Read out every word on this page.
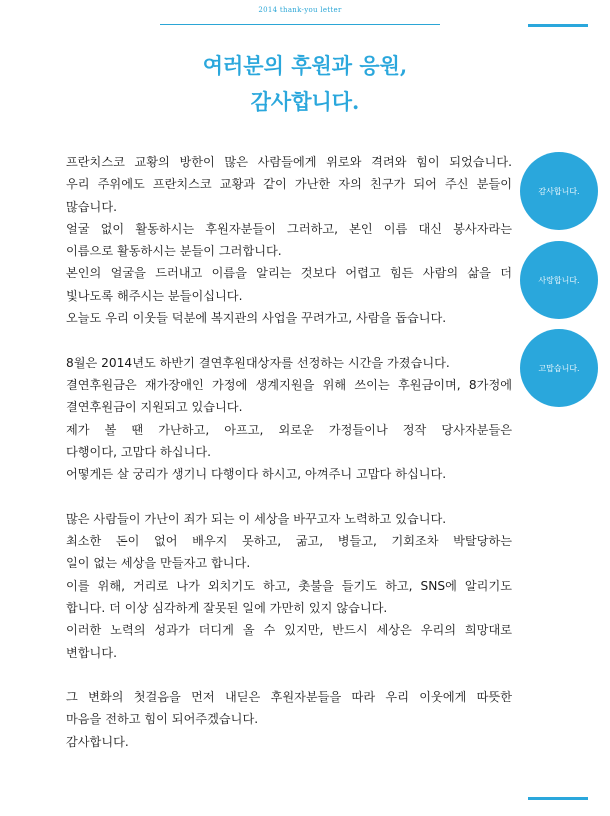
2014 thank-you letter
여러분의 후원과 응원,
감사합니다.
프란치스코 교황의 방한이 많은 사람들에게 위로와 격려와 힘이 되었습니다.
우리 주위에도 프란치스코 교황과 같이 가난한 자의 친구가 되어 주신 분들이
많습니다.
얼굴 없이 활동하시는 후원자분들이 그러하고, 본인 이름 대신 봉사자라는
이름으로 활동하시는 분들이 그러합니다.
본인의 얼굴을 드러내고 이름을 알리는 것보다 어렵고 힘든 사람의 삶을 더
빛나도록 해주시는 분들이십니다.
오늘도 우리 이웃들 덕분에 복지관의 사업을 꾸려가고, 사람을 돕습니다.
8월은 2014년도 하반기 결연후원대상자를 선정하는 시간을 가졌습니다.
결연후원금은 재가장애인 가정에 생계지원을 위해 쓰이는 후원금이며, 8가정에
결연후원금이 지원되고 있습니다.
제가 볼 땐 가난하고, 아프고, 외로운 가정들이나 정작 당사자분들은
다행이다, 고맙다 하십니다.
어떻게든 살 궁리가 생기니 다행이다 하시고, 아껴주니 고맙다 하십니다.
많은 사람들이 가난이 죄가 되는 이 세상을 바꾸고자 노력하고 있습니다.
최소한 돈이 없어 배우지 못하고, 굶고, 병들고, 기회조차 박탈당하는
일이 없는 세상을 만들자고 합니다.
이를 위해, 거리로 나가 외치기도 하고, 촛불을 들기도 하고, SNS에 알리기도
합니다. 더 이상 심각하게 잘못된 일에 가만히 있지 않습니다.
이러한 노력의 성과가 더디게 올 수 있지만, 반드시 세상은 우리의 희망대로
변합니다.
그 변화의 첫걸음을 먼저 내딛은 후원자분들을 따라 우리 이웃에게 따뜻한
마음을 전하고 힘이 되어주겠습니다.
감사합니다.
감사합니다.
사랑합니다.
고맙습니다.
